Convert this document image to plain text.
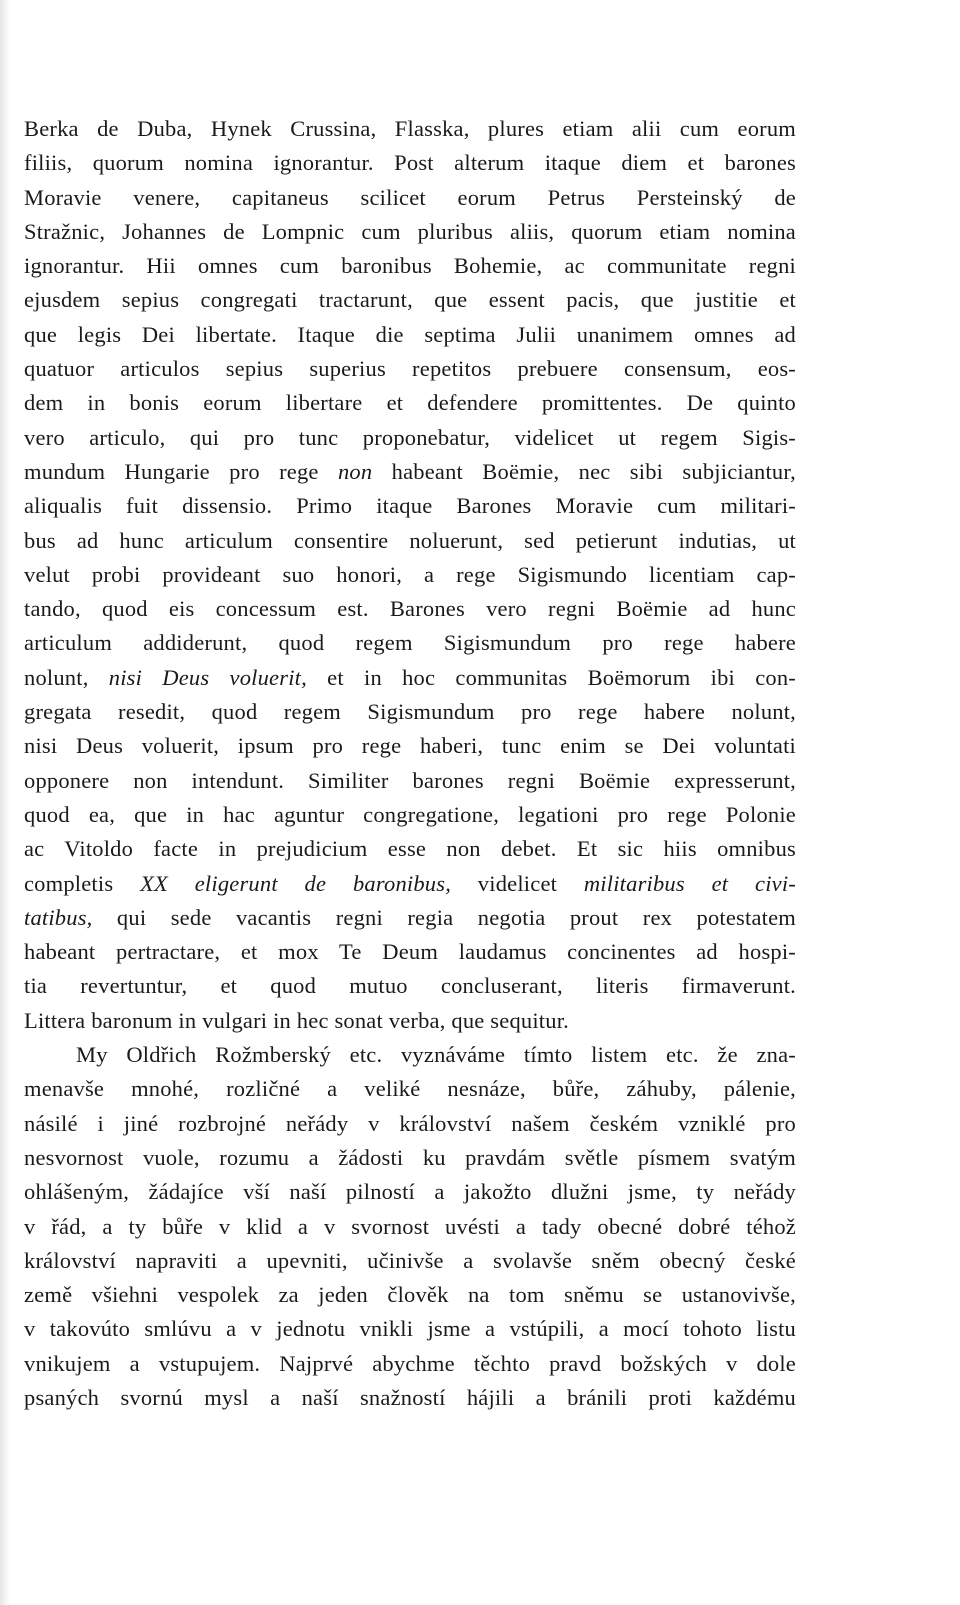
Berka de Duba, Hynek Crussina, Flasska, plures etiam alii cum eorum
filiis, quorum nomina ignorantur. Post alterum itaque diem et barones
Moravie venere, capitaneus scilicet eorum Petrus Persteinský de
Stražnic, Johannes de Lompnic cum pluribus aliis, quorum etiam nomina
ignorantur. Hii omnes cum baronibus Bohemie, ac communitate regni
ejusdem sepius congregati tractarunt, que essent pacis, que justitie et
que legis Dei libertate. Itaque die septima Julii unanimem omnes ad
quatuor articulos sepius superius repetitos prebuere consensum, eos-
dem in bonis eorum libertare et defendere promittentes. De quinto
vero articulo, qui pro tunc proponebatur, videlicet ut regem Sigis-
mundum Hungarie pro rege non habeant Boëmie, nec sibi subjiciantur,
aliqualis fuit dissensio. Primo itaque Barones Moravie cum militari-
bus ad hunc articulum consentire noluerunt, sed petierunt indutias, ut
velut probi provideant suo honori, a rege Sigismundo licentiam cap-
tando, quod eis concessum est. Barones vero regni Boëmie ad hunc
articulum addiderunt, quod regem Sigismundum pro rege habere
nolunt, nisi Deus voluerit, et in hoc communitas Boëmorum ibi con-
gregata resedit, quod regem Sigismundum pro rege habere nolunt,
nisi Deus voluerit, ipsum pro rege haberi, tunc enim se Dei voluntati
opponere non intendunt. Similiter barones regni Boëmie expresserunt,
quod ea, que in hac aguntur congregatione, legationi pro rege Polonie
ac Vitoldo facte in prejudicium esse non debet. Et sic hiis omnibus
completis XX eligerunt de baronibus, videlicet militaribus et civi-
tatibus, qui sede vacantis regni regia negotia prout rex potestatem
habeant pertractare, et mox Te Deum laudamus concinentes ad hospi-
tia revertuntur, et quod mutuo concluserant, literis firmaverunt.
Littera baronum in vulgari in hec sonat verba, que sequitur.
My Oldřich Rožmberský etc. vyznáváme tímto listem etc. že zna-
menavše mnohé, rozličné a veliké nesnáze, bůře, záhuby, pálenie,
násilé i jiné rozbrojné neřády v království našem českém vzniklé pro
nesvornost vuole, rozumu a žádosti ku pravdám světle písmem svatým
ohlášeným, žádajíce vší naší pilností a jakožto dlužni jsme, ty neřády
v řád, a ty bůře v klid a v svornost uvésti a tady obecné dobré téhož
království napraviti a upevniti, učinivše a svolavše sněm obecný české
země všiehni vespolek za jeden člověk na tom sněmu se ustanovivše,
v takovúto smlúvu a v jednotu vnikli jsme a vstúpili, a mocí tohoto listu
vnikujem a vstupujem. Najprvé abychme těchto pravd božských v dole
psaných svornú mysl a naší snažností hájili a bránili proti každému
